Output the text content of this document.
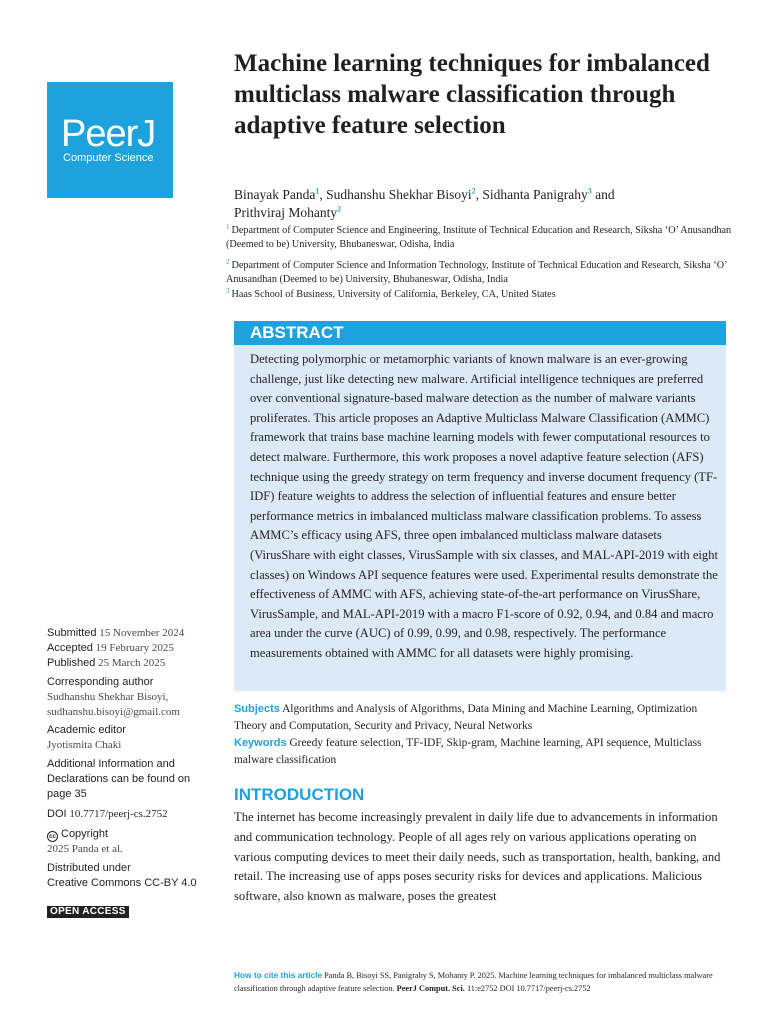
PeerJ
Computer Science
Machine learning techniques for imbalanced multiclass malware classification through adaptive feature selection
Binayak Panda$^1$, Sudhanshu Shekhar Bisoyi$^2$, Sidhanta Panigrahy$^3$ and
Prithviraj Mohanty$^2$
$^1$ Department of Computer Science and Engineering, Institute of Technical Education and Research, Siksha ‘O’ Anusandhan (Deemed to be) University, Bhubaneswar, Odisha, India
$^2$ Department of Computer Science and Information Technology, Institute of Technical Education and Research, Siksha ‘O’ Anusandhan (Deemed to be) University, Bhubaneswar, Odisha, India
$^3$ Haas School of Business, University of California, Berkeley, CA, United States
ABSTRACT

Detecting polymorphic or metamorphic variants of known malware is an ever-growing challenge, just like detecting new malware. Artificial intelligence techniques are preferred over conventional signature-based malware detection as the number of malware variants proliferates. This article proposes an Adaptive Multiclass Malware Classification (AMMC) framework that trains base machine learning models with fewer computational resources to detect malware. Furthermore, this work proposes a novel adaptive feature selection (AFS) technique using the greedy strategy on term frequency and inverse document frequency (TF-IDF) feature weights to address the selection of influential features and ensure better performance metrics in imbalanced multiclass malware classification problems. To assess AMMC’s efficacy using AFS, three open imbalanced multiclass malware datasets (VirusShare with eight classes, VirusSample with six classes, and MAL-API-2019 with eight classes) on Windows API sequence features were used. Experimental results demonstrate the effectiveness of AMMC with AFS, achieving state-of-the-art performance on VirusShare, VirusSample, and MAL-API-2019 with a macro F1-score of 0.92, 0.94, and 0.84 and macro area under the curve (AUC) of 0.99, 0.99, and 0.98, respectively. The performance measurements obtained with AMMC for all datasets were highly promising.

Subjects Algorithms and Analysis of Algorithms, Data Mining and Machine Learning, Optimization Theory and Computation, Security and Privacy, Neural Networks
Keywords Greedy feature selection, TF-IDF, Skip-gram, Machine learning, API sequence, Multiclass malware classification
INTRODUCTION

The internet has become increasingly prevalent in daily life due to advancements in information and communication technology. People of all ages rely on various applications operating on various computing devices to meet their daily needs, such as transportation, health, banking, and retail. The increasing use of apps poses security risks for devices and applications. Malicious software, also known as malware, poses the greatest

Submitted 15 November 2024
Accepted 19 February 2025
Published 25 March 2025
Corresponding author
Sudhanshu Shekhar Bisoyi,
sudhanshu.bisoyi@gmail.com
Academic editor
Jyotismita Chaki
Additional Information and Declarations can be found on page 35
DOI 10.7717/peerj-cs.2752
cc Copyright
2025 Panda et al.
Distributed under
Creative Commons CC-BY 4.0
OPEN ACCESS
How to cite this article Panda B, Bisoyi SS, Panigrahy S, Mohanty P. 2025. Machine learning techniques for imbalanced multiclass malware classification through adaptive feature selection. PeerJ Comput. Sci. 11:e2752 DOI 10.7717/peerj-cs.2752
